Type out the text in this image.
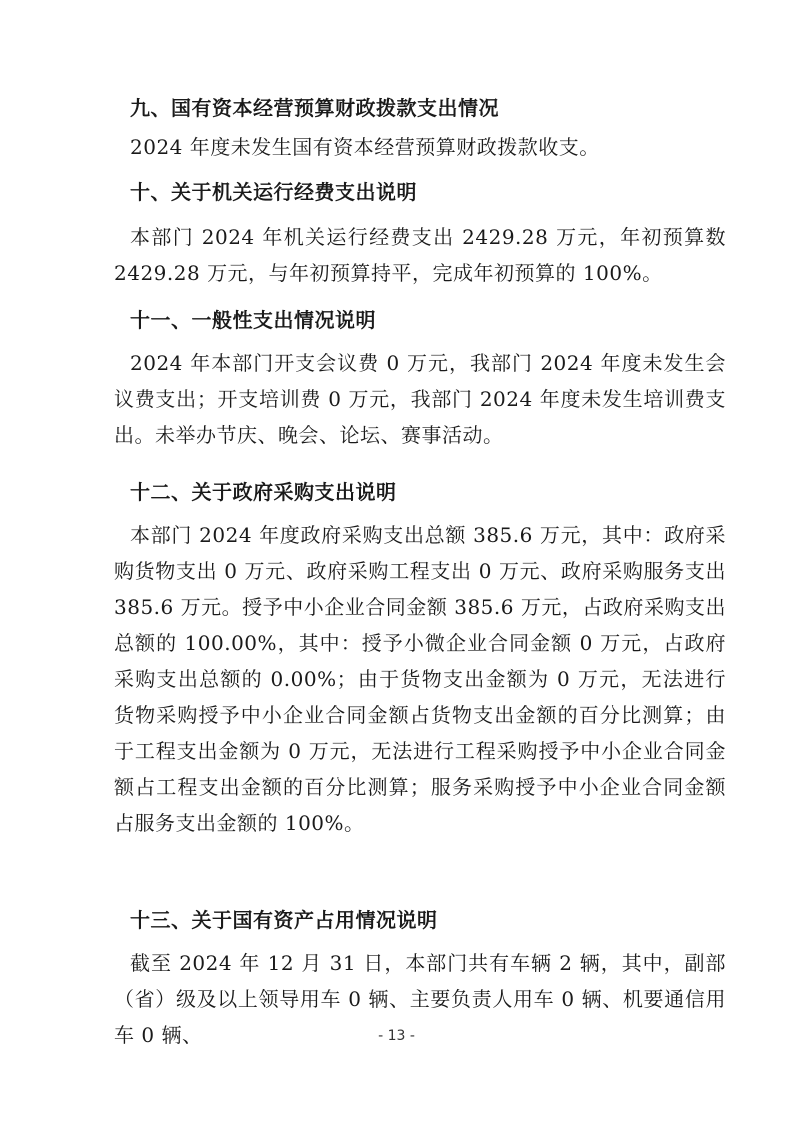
九、国有资本经营预算财政拨款支出情况
2024 年度未发生国有资本经营预算财政拨款收支。
十、关于机关运行经费支出说明
本部门 2024 年机关运行经费支出 2429.28 万元，年初预算数 2429.28 万元，与年初预算持平，完成年初预算的 100%。
十一、一般性支出情况说明
2024 年本部门开支会议费 0 万元，我部门 2024 年度未发生会议费支出；开支培训费 0 万元，我部门 2024 年度未发生培训费支出。未举办节庆、晚会、论坛、赛事活动。
十二、关于政府采购支出说明
本部门 2024 年度政府采购支出总额 385.6 万元，其中：政府采购货物支出 0 万元、政府采购工程支出 0 万元、政府采购服务支出 385.6 万元。授予中小企业合同金额 385.6 万元，占政府采购支出总额的 100.00%，其中：授予小微企业合同金额 0 万元，占政府采购支出总额的 0.00%；由于货物支出金额为 0 万元，无法进行货物采购授予中小企业合同金额占货物支出金额的百分比测算；由于工程支出金额为 0 万元，无法进行工程采购授予中小企业合同金额占工程支出金额的百分比测算；服务采购授予中小企业合同金额占服务支出金额的 100%。
十三、关于国有资产占用情况说明
截至 2024 年 12 月 31 日，本部门共有车辆 2 辆，其中，副部（省）级及以上领导用车 0 辆、主要负责人用车 0 辆、机要通信用车 0 辆、	- 13 -
